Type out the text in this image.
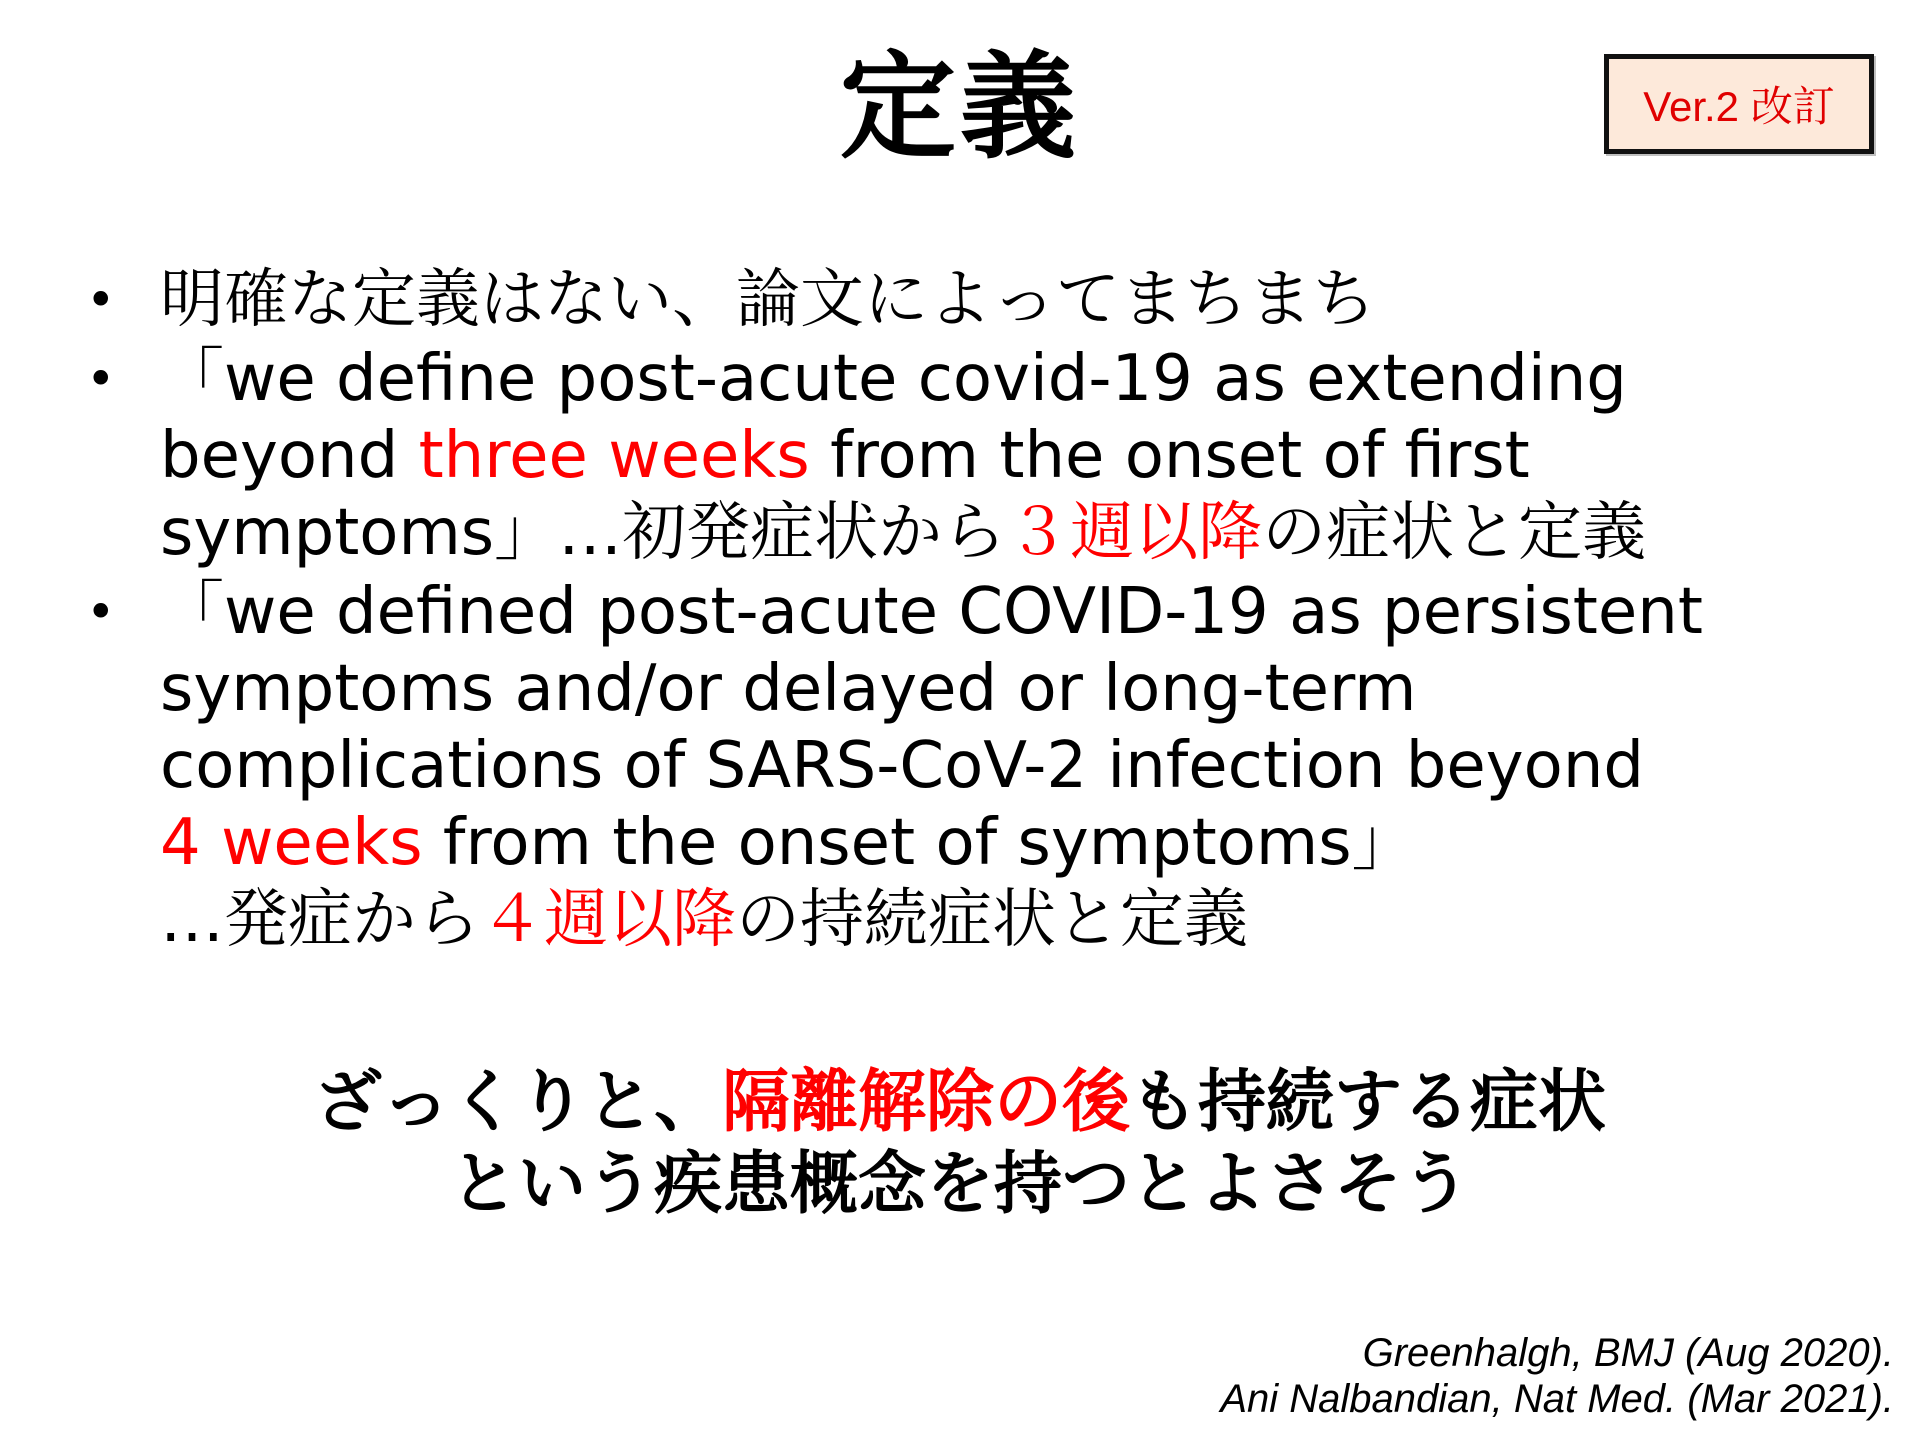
定義	Ver.2 改訂
• 明確な定義はない、論文によってまちまち
• 「we define post-acute covid-19 as extending
beyond three weeks from the onset of first
symptoms」…初発症状から３週以降の症状と定義
• 「we defined post-acute COVID-19 as persistent
symptoms and/or delayed or long-term
complications of SARS-CoV-2 infection beyond
4 weeks from the onset of symptoms」
…発症から４週以降の持続症状と定義
ざっくりと、隔離解除の後も持続する症状
という疾患概念を持つとよさそう
Greenhalgh, BMJ (Aug 2020).
Ani Nalbandian, Nat Med. (Mar 2021).
